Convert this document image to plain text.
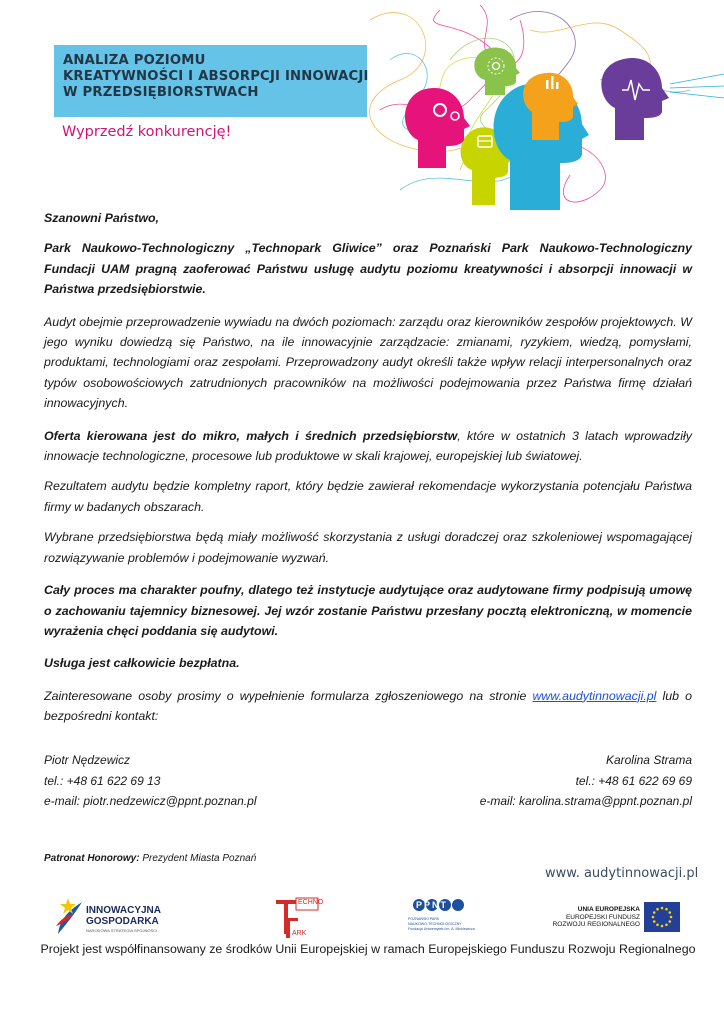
ANALIZA POZIOMU
KREATYWNOŚCI I ABSORPCJI INNOWACJI
W PRZEDSIĘBIORSTWACH
Wyprzedź konkurencję!

Szanowni Państwo,

Park Naukowo-Technologiczny „Technopark Gliwice” oraz Poznański Park Naukowo-Technologiczny Fundacji UAM pragną zaoferować Państwu usługę audytu poziomu kreatywności i absorpcji innowacji w Państwa przedsiębiorstwie.

Audyt obejmie przeprowadzenie wywiadu na dwóch poziomach: zarządu oraz kierowników zespołów projektowych. W jego wyniku dowiedzą się Państwo, na ile innowacyjnie zarządzacie: zmianami, ryzykiem, wiedzą, pomysłami, produktami, technologiami oraz zespołami. Przeprowadzony audyt określi także wpływ relacji interpersonalnych oraz typów osobowościowych zatrudnionych pracowników na możliwości podejmowania przez Państwa firmę działań innowacyjnych.

Oferta kierowana jest do mikro, małych i średnich przedsiębiorstw, które w ostatnich 3 latach wprowadziły innowacje technologiczne, procesowe lub produktowe w skali krajowej, europejskiej lub światowej.

Rezultatem audytu będzie kompletny raport, który będzie zawierał rekomendacje wykorzystania potencjału Państwa firmy w badanych obszarach.

Wybrane przedsiębiorstwa będą miały możliwość skorzystania z usługi doradczej oraz szkoleniowej wspomagającej rozwiązywanie problemów i podejmowanie wyzwań.

Cały proces ma charakter poufny, dlatego też instytucje audytujące oraz audytowane firmy podpisują umowę o zachowaniu tajemnicy biznesowej. Jej wzór zostanie Państwu przesłany pocztą elektroniczną, w momencie wyrażenia chęci poddania się audytowi.

Usługa jest całkowicie bezpłatna.

Zainteresowane osoby prosimy o wypełnienie formularza zgłoszeniowego na stronie www.audytinnowacji.pl lub o bezpośredni kontakt:

Piotr Nędzewicz
tel.: +48 61 622 69 13
e-mail: piotr.nedzewicz@ppnt.poznan.pl
Karolina Strama
tel.: +48 61 622 69 69
e-mail: karolina.strama@ppnt.poznan.pl
Patronat Honorowy: Prezydent Miasta Poznań
www. audytinnowacji.pl
INNOWACYJNA
GOSPODARKA
NARODOWA STRATEGIA SPÓJNOŚCI
ECHNO
ARK
PPNT
POZNAŃSKI PARK
NAUKOWO-TECHNOLOGICZNY
Fundacja Uniwersytetu im. A. Mickiewicza
UNIA EUROPEJSKA
EUROPEJSKI FUNDUSZ
ROZWOJU REGIONALNEGO
Projekt jest współfinansowany ze środków Unii Europejskiej w ramach Europejskiego Funduszu Rozwoju Regionalnego
